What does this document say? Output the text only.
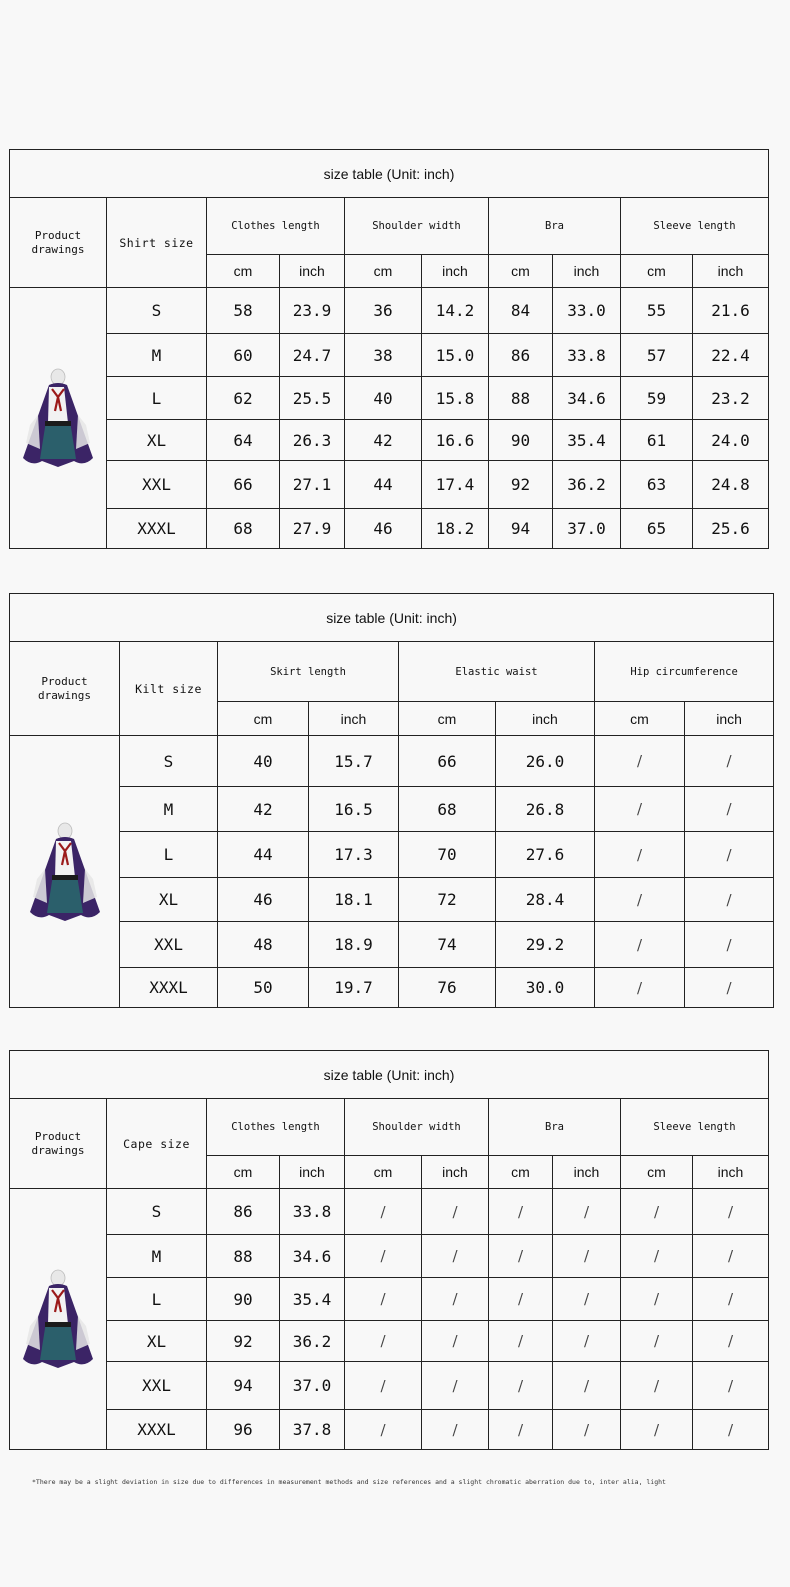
size table (Unit: inch)									
Product
drawings	Shirt size	Clothes length		Shoulder width		Bra		Sleeve length	
		cm	inch	cm	inch	cm	inch	cm	inch

	S	58	23.9	36	14.2	84	33.0	55	21.6
	M	60	24.7	38	15.0	86	33.8	57	22.4
	L	62	25.5	40	15.8	88	34.6	59	23.2
	XL	64	26.3	42	16.6	90	35.4	61	24.0
	XXL	66	27.1	44	17.4	92	36.2	63	24.8
	XXXL	68	27.9	46	18.2	94	37.0	65	25.6
size table (Unit: inch)							
Product
drawings	Kilt size	Skirt length		Elastic waist		Hip circumference	
		cm	inch	cm	inch	cm	inch

	S	40	15.7	66	26.0	/	/
	M	42	16.5	68	26.8	/	/
	L	44	17.3	70	27.6	/	/
	XL	46	18.1	72	28.4	/	/
	XXL	48	18.9	74	29.2	/	/
	XXXL	50	19.7	76	30.0	/	/
size table (Unit: inch)									
Product
drawings	Cape size	Clothes length		Shoulder width		Bra		Sleeve length	
		cm	inch	cm	inch	cm	inch	cm	inch

	S	86	33.8	/	/	/	/	/	/
	M	88	34.6	/	/	/	/	/	/
	L	90	35.4	/	/	/	/	/	/
	XL	92	36.2	/	/	/	/	/	/
	XXL	94	37.0	/	/	/	/	/	/
	XXXL	96	37.8	/	/	/	/	/	/
*There may be a slight deviation in size due to differences in measurement methods and size references and a slight chromatic aberration due to, inter alia, light
